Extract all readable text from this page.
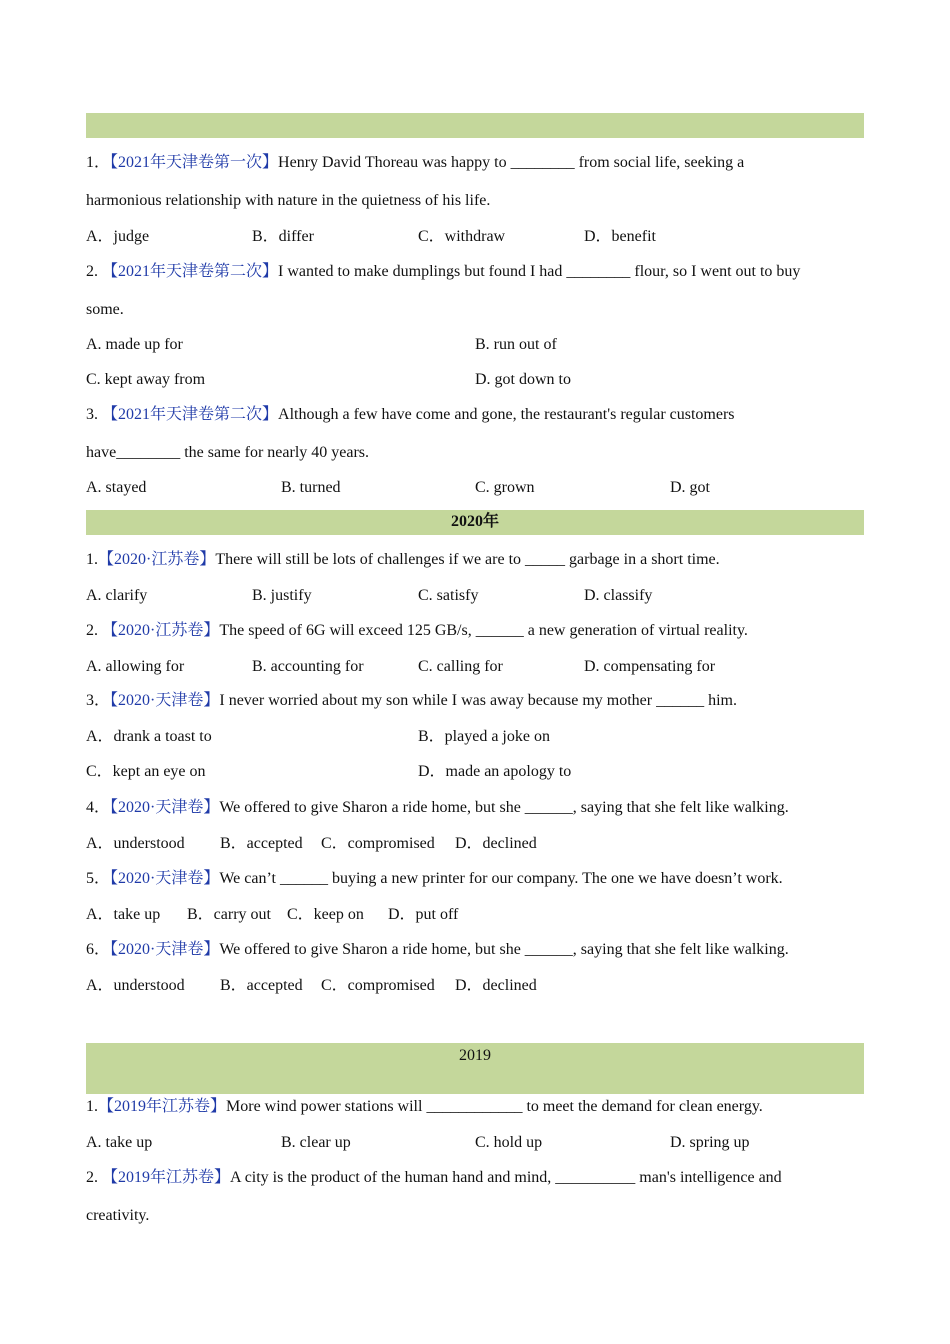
1．【2021年天津卷第一次】Henry David Thoreau was happy to ________ from social life, seeking a
harmonious relationship with nature in the quietness of his life.
A．judge	B．differ	C．withdraw	D．benefit
2. 【2021年天津卷第二次】I wanted to make dumplings but found I had ________ flour, so I went out to buy
some.
A. made up for	B. run out of
C. kept away from	D. got down to
3. 【2021年天津卷第二次】Although a few have come and gone, the restaurant's regular customers
have________ the same for nearly 40 years.
A. stayed	B. turned	C. grown	D. got
2020年
1.【2020·江苏卷】There will still be lots of challenges if we are to _____ garbage in a short time.
A. clarify	B. justify	C. satisfy	D. classify
2. 【2020·江苏卷】The speed of 6G will exceed 125 GB/s, ______ a new generation of virtual reality.
A. allowing for	B. accounting for	C. calling for	D. compensating for
3．【2020·天津卷】I never worried about my son while I was away because my mother ______ him.
A．drank a toast to	B．played a joke on
C．kept an eye on	D．made an apology to
4．【2020·天津卷】We offered to give Sharon a ride home, but she ______, saying that she felt like walking.
A．understood B．accepted C．compromised D．declined
5．【2020·天津卷】We can’t ______ buying a new printer for our company. The one we have doesn’t work.
A．take up B．carry out C．keep on D．put off
6．【2020·天津卷】We offered to give Sharon a ride home, but she ______, saying that she felt like walking.
A．understood B．accepted C．compromised D．declined
2019
1.【2019年江苏卷】More wind power stations will ____________ to meet the demand for clean energy.
A. take up	B. clear up	C. hold up	D. spring up
2. 【2019年江苏卷】A city is the product of the human hand and mind, __________ man's intelligence and
creativity.
